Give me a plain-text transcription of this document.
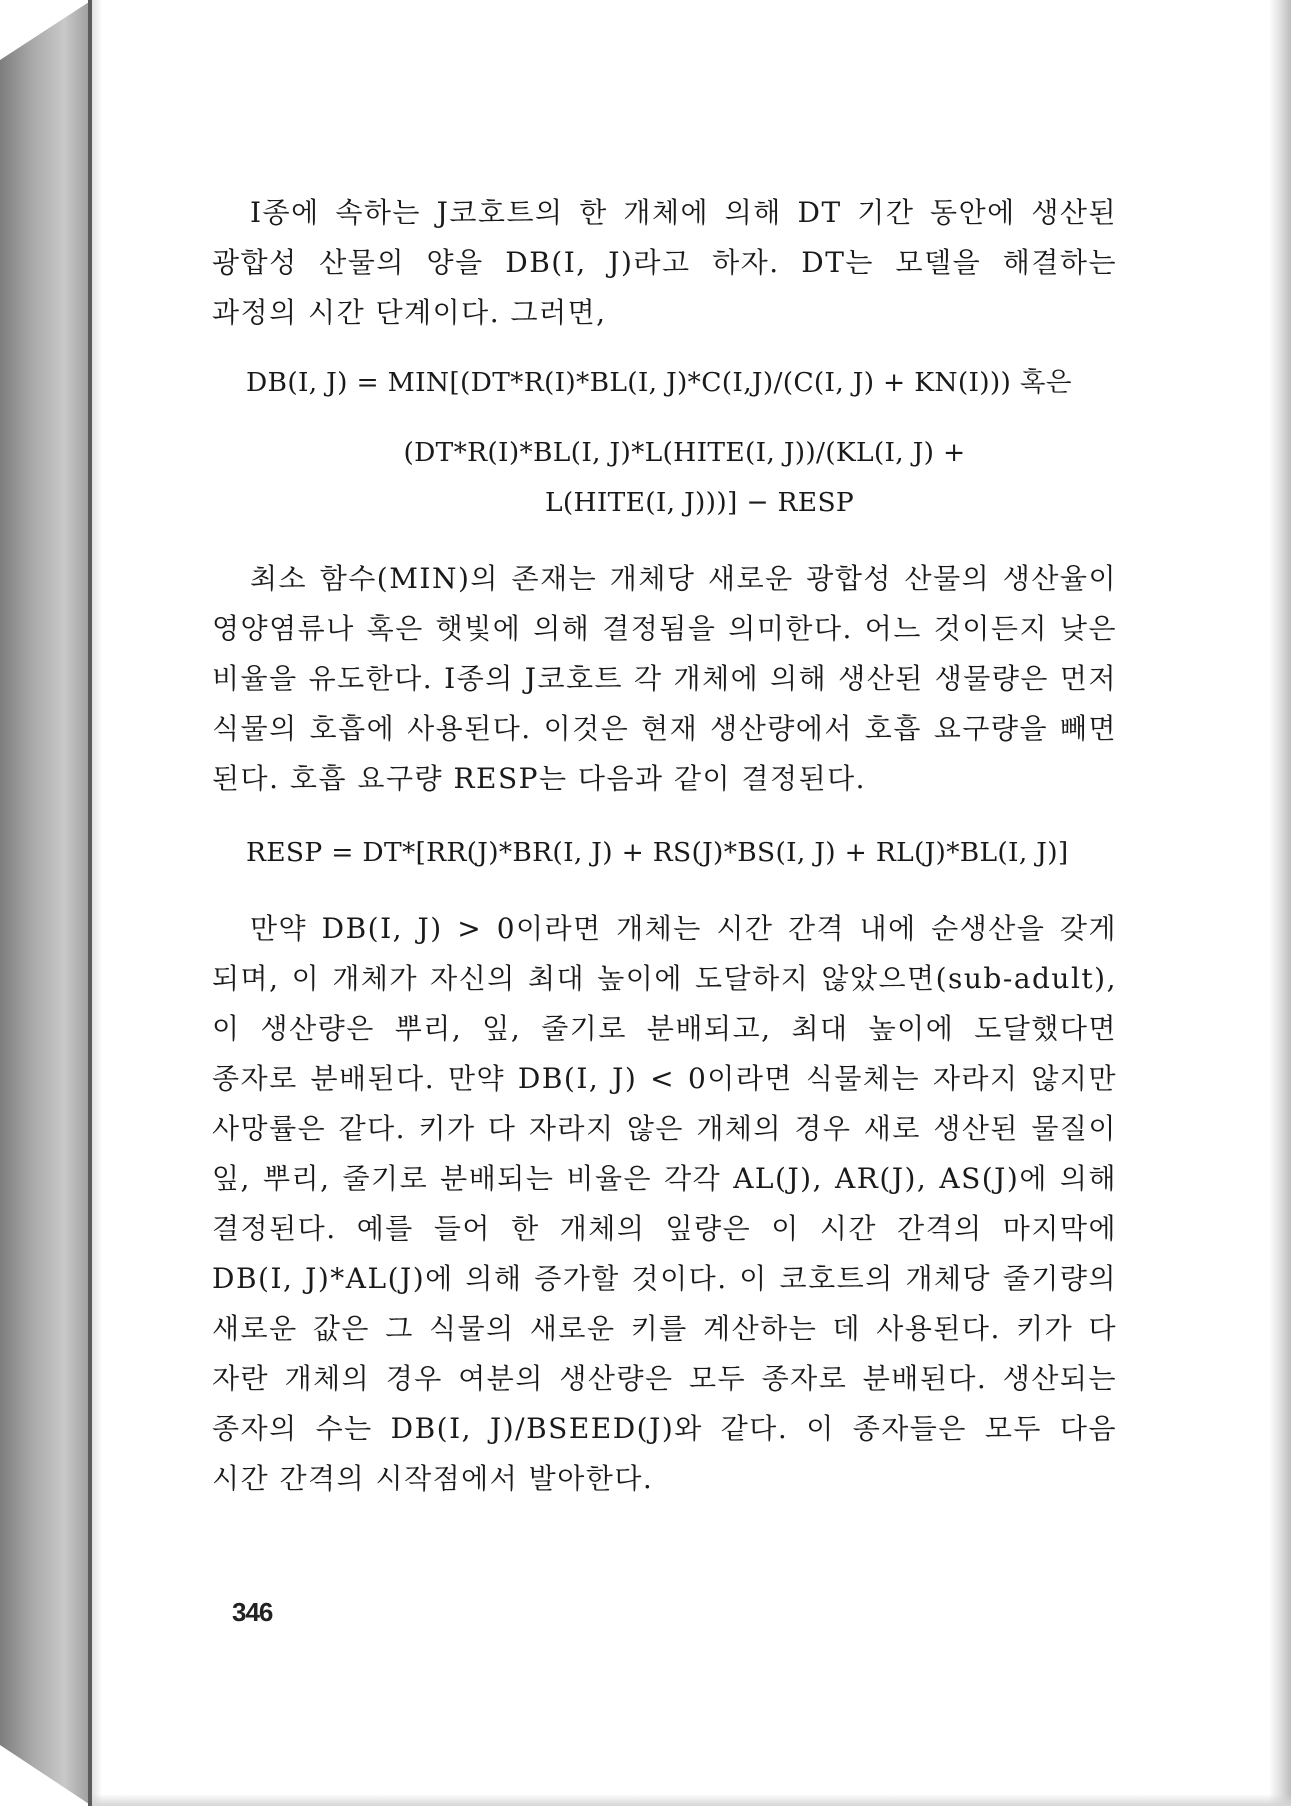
I종에 속하는 J코호트의 한 개체에 의해 DT 기간 동안에 생산된 광합성 산물의 양을 DB(I, J)라고 하자. DT는 모델을 해결하는 과정의 시간 단계이다. 그러면,

DB(I, J) = MIN[(DT*R(I)*BL(I, J)*C(I,J)/(C(I, J) + KN(I))) 혹은
(DT*R(I)*BL(I, J)*L(HITE(I, J))/(KL(I, J) +
L(HITE(I, J)))] − RESP

최소 함수(MIN)의 존재는 개체당 새로운 광합성 산물의 생산율이 영양염류나 혹은 햇빛에 의해 결정됨을 의미한다. 어느 것이든지 낮은 비율을 유도한다. I종의 J코호트 각 개체에 의해 생산된 생물량은 먼저 식물의 호흡에 사용된다. 이것은 현재 생산량에서 호흡 요구량을 빼면 된다. 호흡 요구량 RESP는 다음과 같이 결정된다.

RESP = DT*[RR(J)*BR(I, J) + RS(J)*BS(I, J) + RL(J)*BL(I, J)]

만약 DB(I, J) > 0이라면 개체는 시간 간격 내에 순생산을 갖게 되며, 이 개체가 자신의 최대 높이에 도달하지 않았으면(sub-adult), 이 생산량은 뿌리, 잎, 줄기로 분배되고, 최대 높이에 도달했다면 종자로 분배된다. 만약 DB(I, J) < 0이라면 식물체는 자라지 않지만 사망률은 같다. 키가 다 자라지 않은 개체의 경우 새로 생산된 물질이 잎, 뿌리, 줄기로 분배되는 비율은 각각 AL(J), AR(J), AS(J)에 의해 결정된다. 예를 들어 한 개체의 잎량은 이 시간 간격의 마지막에 DB(I, J)*AL(J)에 의해 증가할 것이다. 이 코호트의 개체당 줄기량의 새로운 값은 그 식물의 새로운 키를 계산하는 데 사용된다. 키가 다 자란 개체의 경우 여분의 생산량은 모두 종자로 분배된다. 생산되는 종자의 수는 DB(I, J)/BSEED(J)와 같다. 이 종자들은 모두 다음 시간 간격의 시작점에서 발아한다.

346
